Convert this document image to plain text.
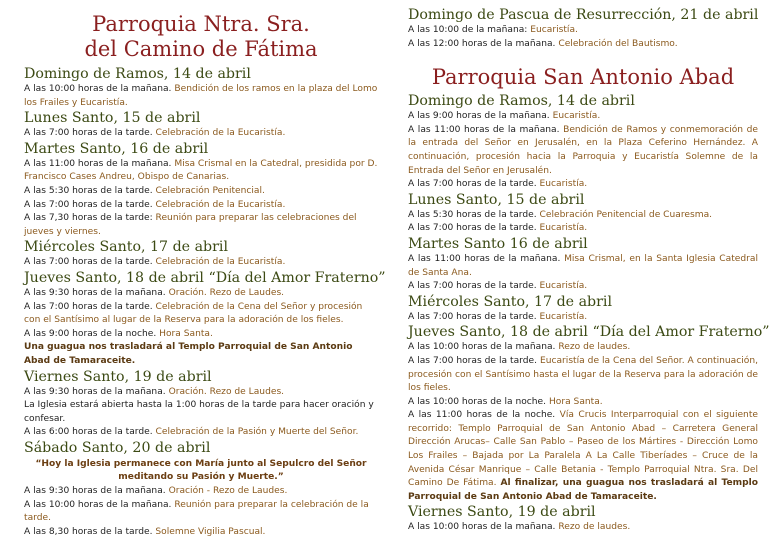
Parroquia Ntra. Sra.
del Camino de Fátima
Domingo de Ramos, 14 de abril

A las 10:00 horas de la mañana. Bendición de los ramos en la plaza del Lomo los Frailes y Eucaristía.

Lunes Santo, 15 de abril

A las 7:00 horas de la tarde. Celebración de la Eucaristía.

Martes Santo, 16 de abril

A las 11:00 horas de la mañana. Misa Crismal en la Catedral, presidida por D. Francisco Cases Andreu, Obispo de Canarias.

A las 5:30 horas de la tarde. Celebración Penitencial.

A las 7:00 horas de la tarde. Celebración de la Eucaristía.

A las 7,30 horas de la tarde: Reunión para preparar las celebraciones del jueves y viernes.

Miércoles Santo, 17 de abril

A las 7:00 horas de la tarde. Celebración de la Eucaristía.

Jueves Santo, 18 de abril “Día del Amor Fraterno”

A las 9:30 horas de la mañana. Oración. Rezo de Laudes.

A las 7:00 horas de la tarde. Celebración de la Cena del Señor y procesión con el Santísimo al lugar de la Reserva para la adoración de los fieles.

A las 9:00 horas de la noche. Hora Santa.

Una guagua nos trasladará al Templo Parroquial de San Antonio Abad de Tamaraceite.

Viernes Santo, 19 de abril

A las 9:30 horas de la mañana. Oración. Rezo de Laudes.

La Iglesia estará abierta hasta la 1:00 horas de la tarde para hacer oración y confesar.

A las 6:00 horas de la tarde. Celebración de la Pasión y Muerte del Señor.

Sábado Santo, 20 de abril

“Hoy la Iglesia permanece con María junto al Sepulcro del Señor meditando su Pasión y Muerte.”

A las 9:30 horas de la mañana. Oración - Rezo de Laudes.

A las 10:00 horas de la mañana. Reunión para preparar la celebración de la tarde.

A las 8,30 horas de la tarde. Solemne Vigilia Pascual.

Domingo de Pascua de Resurrección, 21 de abril

A las 10:00 de la mañana: Eucaristía.

A las 12:00 horas de la mañana. Celebración del Bautismo.

Parroquia San Antonio Abad
Domingo de Ramos, 14 de abril

A las 9:00 horas de la mañana. Eucaristía.

A las 11:00 horas de la mañana. Bendición de Ramos y conmemoración de la entrada del Señor en Jerusalén, en la Plaza Ceferino Hernández. A continuación, procesión hacia la Parroquia y Eucaristía Solemne de la Entrada del Señor en Jerusalén.

A las 7:00 horas de la tarde. Eucaristía.

Lunes Santo, 15 de abril

A las 5:30 horas de la tarde. Celebración Penitencial de Cuaresma.

A las 7:00 horas de la tarde. Eucaristía.

Martes Santo 16 de abril

A las 11:00 horas de la mañana. Misa Crismal, en la Santa Iglesia Catedral de Santa Ana.

A las 7:00 horas de la tarde. Eucaristía.

Miércoles Santo, 17 de abril

A las 7:00 horas de la tarde. Eucaristía.

Jueves Santo, 18 de abril “Día del Amor Fraterno”

A las 10:00 horas de la mañana. Rezo de laudes.

A las 7:00 horas de la tarde. Eucaristía de la Cena del Señor. A continuación, procesión con el Santísimo hasta el lugar de la Reserva para la adoración de los fieles.

A las 10:00 horas de la noche. Hora Santa.

A las 11:00 horas de la noche. Vía Crucis Interparroquial con el siguiente recorrido: Templo Parroquial de San Antonio Abad – Carretera General Dirección Arucas– Calle San Pablo – Paseo de los Mártires - Dirección Lomo Los Frailes – Bajada por La Paralela A La Calle Tiberíades – Cruce de la Avenida César Manrique – Calle Betania - Templo Parroquial Ntra. Sra. Del Camino De Fátima. Al finalizar, una guagua nos trasladará al Templo Parroquial de San Antonio Abad de Tamaraceite.

Viernes Santo, 19 de abril

A las 10:00 horas de la mañana. Rezo de laudes.
